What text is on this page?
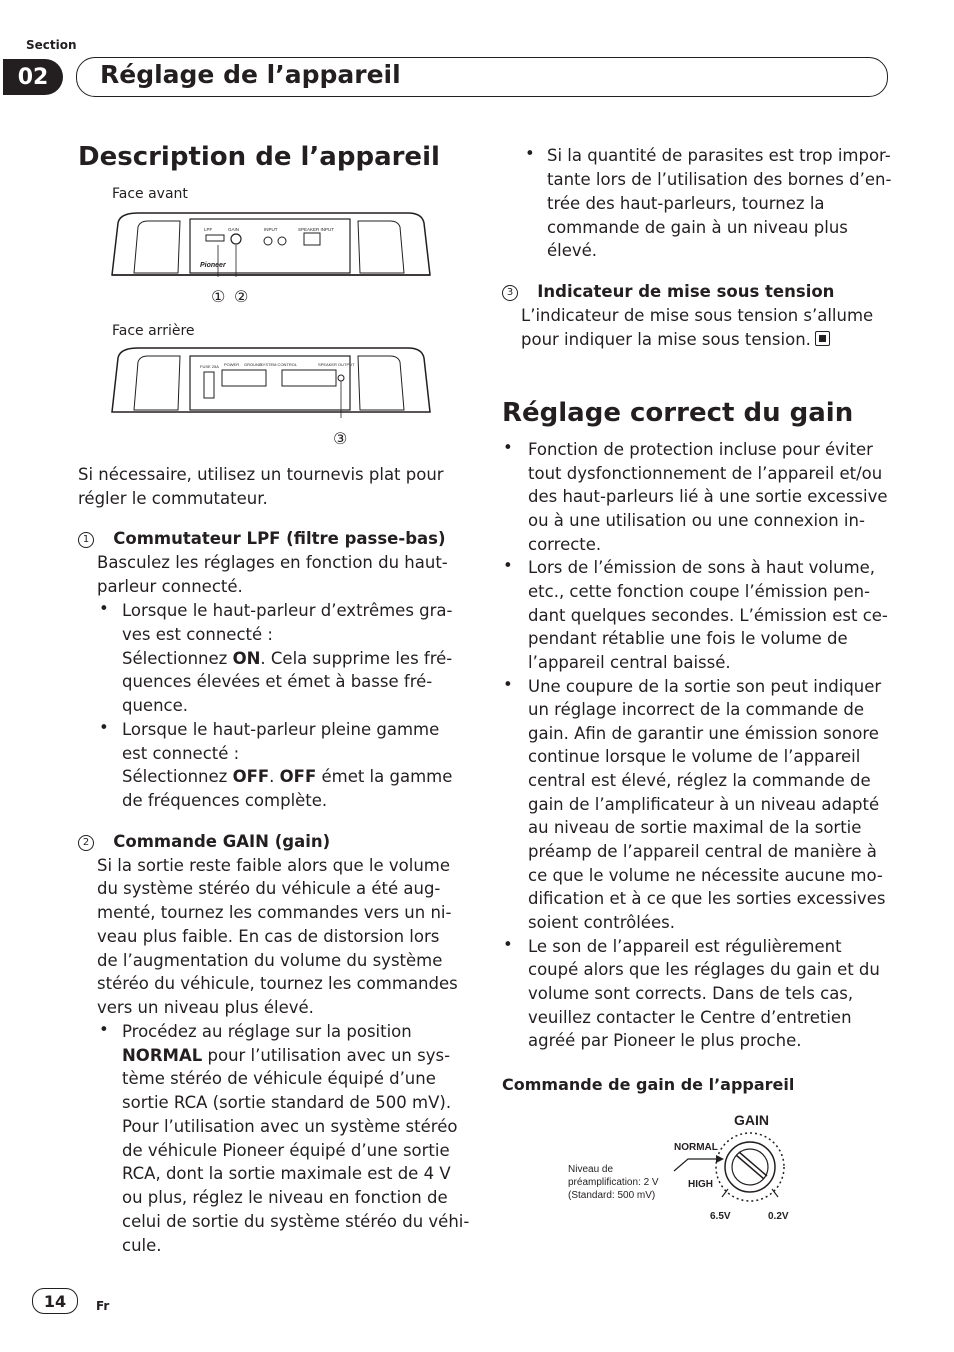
Section
02	Réglage de l’appareil
Description de l’appareil
Face avant
LPF	GAIN	INPUT	SPEAKER INPUT
Pioneer
① ②
Face arrière
FUSE 25A POWER GROUND
SYSTEM CONTROL	SPEAKER OUTPUT
③
Si nécessaire, utilisez un tournevis plat pour
régler le commutateur.
1 Commutateur LPF (filtre passe-bas)
Basculez les réglages en fonction du haut-
parleur connecté.
• Lorsque le haut-parleur d’extrêmes gra-
ves est connecté :
Sélectionnez ON. Cela supprime les fré-
quences élevées et émet à basse fré-
quence.
• Lorsque le haut-parleur pleine gamme
est connecté :
Sélectionnez OFF. OFF émet la gamme
de fréquences complète.
2 Commande GAIN (gain)
Si la sortie reste faible alors que le volume
du système stéréo du véhicule a été aug-
menté, tournez les commandes vers un ni-
veau plus faible. En cas de distorsion lors
de l’augmentation du volume du système
stéréo du véhicule, tournez les commandes
vers un niveau plus élevé.
• Procédez au réglage sur la position
NORMAL pour l’utilisation avec un sys-
tème stéréo de véhicule équipé d’une
sortie RCA (sortie standard de 500 mV).
Pour l’utilisation avec un système stéréo
de véhicule Pioneer équipé d’une sortie
RCA, dont la sortie maximale est de 4 V
ou plus, réglez le niveau en fonction de
celui de sortie du système stéréo du véhi-
cule.
• Si la quantité de parasites est trop impor-
tante lors de l’utilisation des bornes d’en-
trée des haut-parleurs, tournez la
commande de gain à un niveau plus
élevé.
3 Indicateur de mise sous tension
L’indicateur de mise sous tension s’allume
pour indiquer la mise sous tension.
Réglage correct du gain
• Fonction de protection incluse pour éviter
tout dysfonctionnement de l’appareil et/ou
des haut-parleurs lié à une sortie excessive
ou à une utilisation ou une connexion in-
correcte.
• Lors de l’émission de sons à haut volume,
etc., cette fonction coupe l’émission pen-
dant quelques secondes. L’émission est ce-
pendant rétablie une fois le volume de
l’appareil central baissé.
• Une coupure de la sortie son peut indiquer
un réglage incorrect de la commande de
gain. Afin de garantir une émission sonore
continue lorsque le volume de l’appareil
central est élevé, réglez la commande de
gain de l’amplificateur à un niveau adapté
au niveau de sortie maximal de la sortie
préamp de l’appareil central de manière à
ce que le volume ne nécessite aucune mo-
dification et à ce que les sorties excessives
soient contrôlées.
• Le son de l’appareil est régulièrement
coupé alors que les réglages du gain et du
volume sont corrects. Dans de tels cas,
veuillez contacter le Centre d’entretien
agréé par Pioneer le plus proche.
Commande de gain de l’appareil
GAIN
NORMAL
HIGH
6.5V	0.2V
Niveau de
préamplification: 2 V
(Standard: 500 mV)
14	Fr
